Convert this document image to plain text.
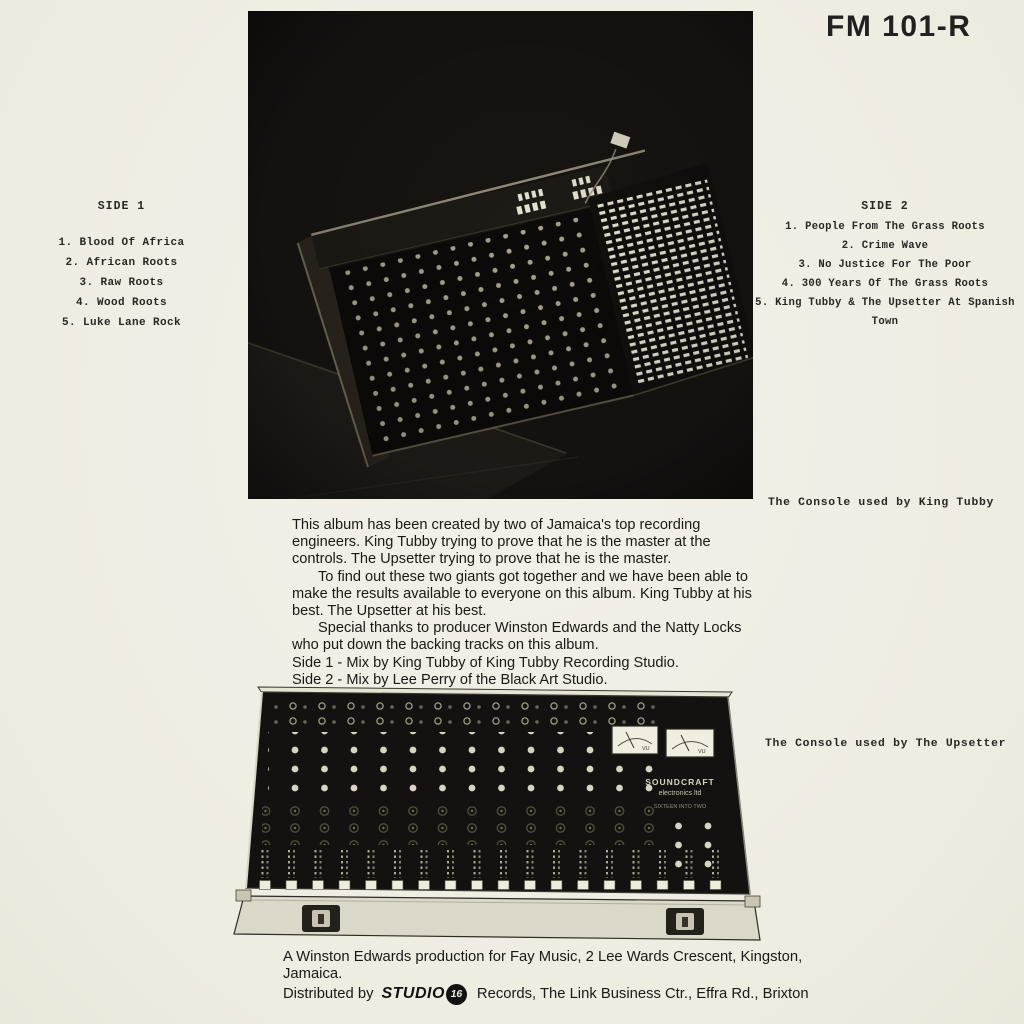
FM 101-R
SIDE 1
1. Blood Of Africa
2. African Roots
3. Raw Roots
4. Wood Roots
5. Luke Lane Rock
SIDE 2
1. People From The Grass Roots
2. Crime Wave
3. No Justice For The Poor
4. 300 Years Of The Grass Roots
5. King Tubby & The Upsetter At Spanish Town
The Console used by King Tubby
The Console used by The Upsetter

This album has been created by two of Jamaica's top recording engineers. King Tubby trying to prove that he is the master at the controls. The Upsetter trying to prove that he is the master.

To find out these two giants got together and we have been able to make the results available to everyone on this album. King Tubby at his best. The Upsetter at his best.

Special thanks to producer Winston Edwards and the Natty Locks who put down the backing tracks on this album.

Side 1 - Mix by King Tubby of King Tubby Recording Studio.

Side 2 - Mix by Lee Perry of the Black Art Studio.

VU	VU
SOUNDCRAFT
electronics ltd
SIXTEEN INTO TWO
A Winston Edwards production for Fay Music, 2 Lee Wards Crescent, Kingston,
Jamaica.
Distributed by STUDIO 16 Records, The Link Business Ctr., Effra Rd., Brixton
